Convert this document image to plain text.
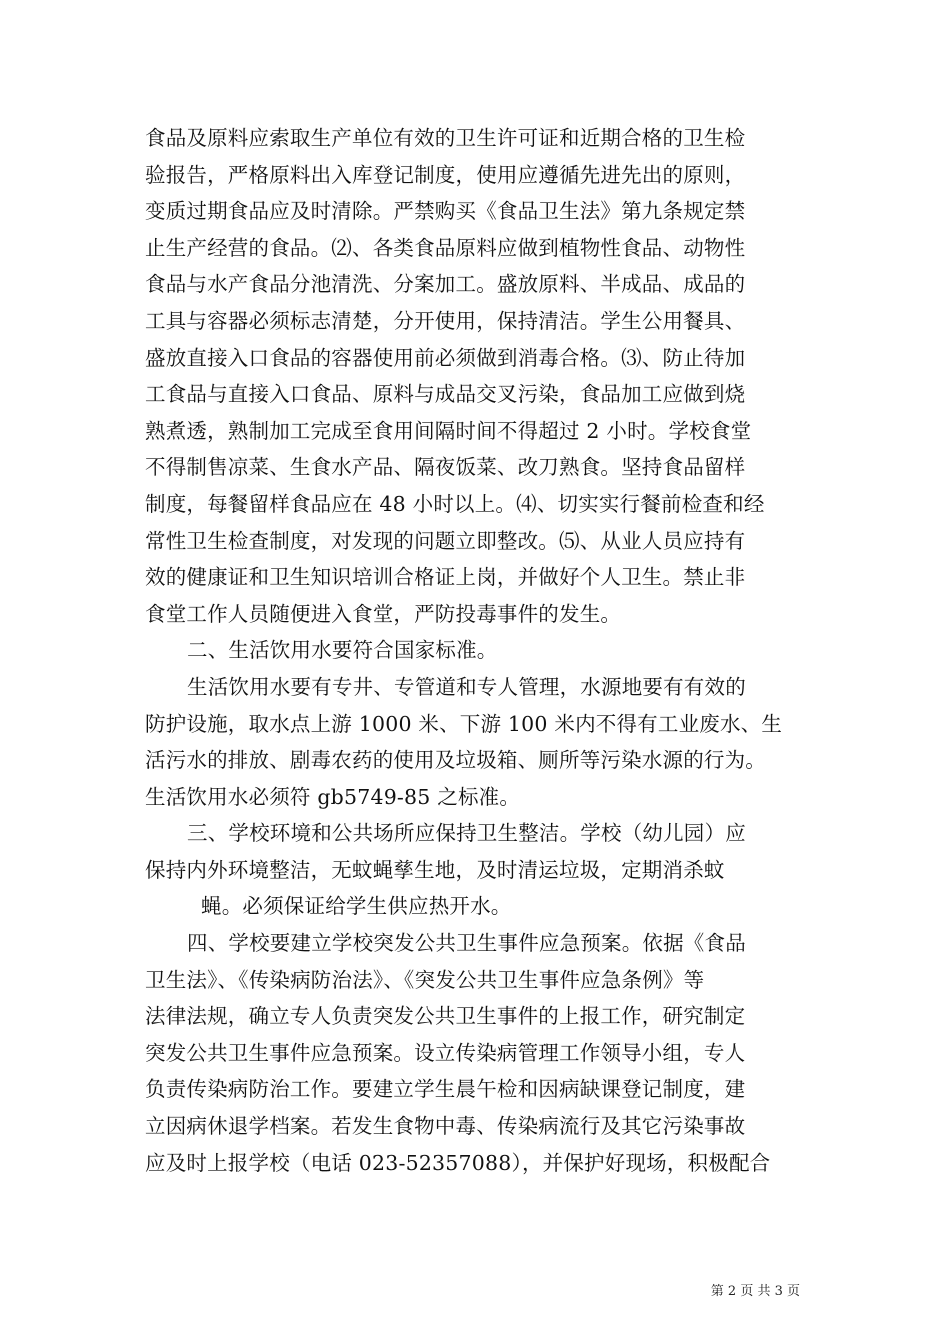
食品及原料应索取生产单位有效的卫生许可证和近期合格的卫生检
验报告，严格原料出入库登记制度，使用应遵循先进先出的原则，
变质过期食品应及时清除。严禁购买《食品卫生法》第九条规定禁
止生产经营的食品。⑵、各类食品原料应做到植物性食品、动物性
食品与水产食品分池清洗、分案加工。盛放原料、半成品、成品的
工具与容器必须标志清楚，分开使用，保持清洁。学生公用餐具、
盛放直接入口食品的容器使用前必须做到消毒合格。⑶、防止待加
工食品与直接入口食品、原料与成品交叉污染，食品加工应做到烧
熟煮透，熟制加工完成至食用间隔时间不得超过 2 小时。学校食堂
不得制售凉菜、生食水产品、隔夜饭菜、改刀熟食。坚持食品留样
制度，每餐留样食品应在 48 小时以上。⑷、切实实行餐前检查和经
常性卫生检查制度，对发现的问题立即整改。⑸、从业人员应持有
效的健康证和卫生知识培训合格证上岗，并做好个人卫生。禁止非
食堂工作人员随便进入食堂，严防投毒事件的发生。
二、生活饮用水要符合国家标准。
生活饮用水要有专井、专管道和专人管理，水源地要有有效的
防护设施，取水点上游 1000 米、下游 100 米内不得有工业废水、生
活污水的排放、剧毒农药的使用及垃圾箱、厕所等污染水源的行为。
生活饮用水必须符 gb5749-85 之标准。
三、学校环境和公共场所应保持卫生整洁。学校（幼儿园）应
保持内外环境整洁，无蚊蝇孳生地，及时清运垃圾，定期消杀蚊
蝇。必须保证给学生供应热开水。
四、学校要建立学校突发公共卫生事件应急预案。依据《食品
卫生法》、《传染病防治法》、《突发公共卫生事件应急条例》等
法律法规，确立专人负责突发公共卫生事件的上报工作，研究制定
突发公共卫生事件应急预案。设立传染病管理工作领导小组，专人
负责传染病防治工作。要建立学生晨午检和因病缺课登记制度，建
立因病休退学档案。若发生食物中毒、传染病流行及其它污染事故
应及时上报学校（电话 023-52357088），并保护好现场，积极配合
第 2 页 共 3 页
